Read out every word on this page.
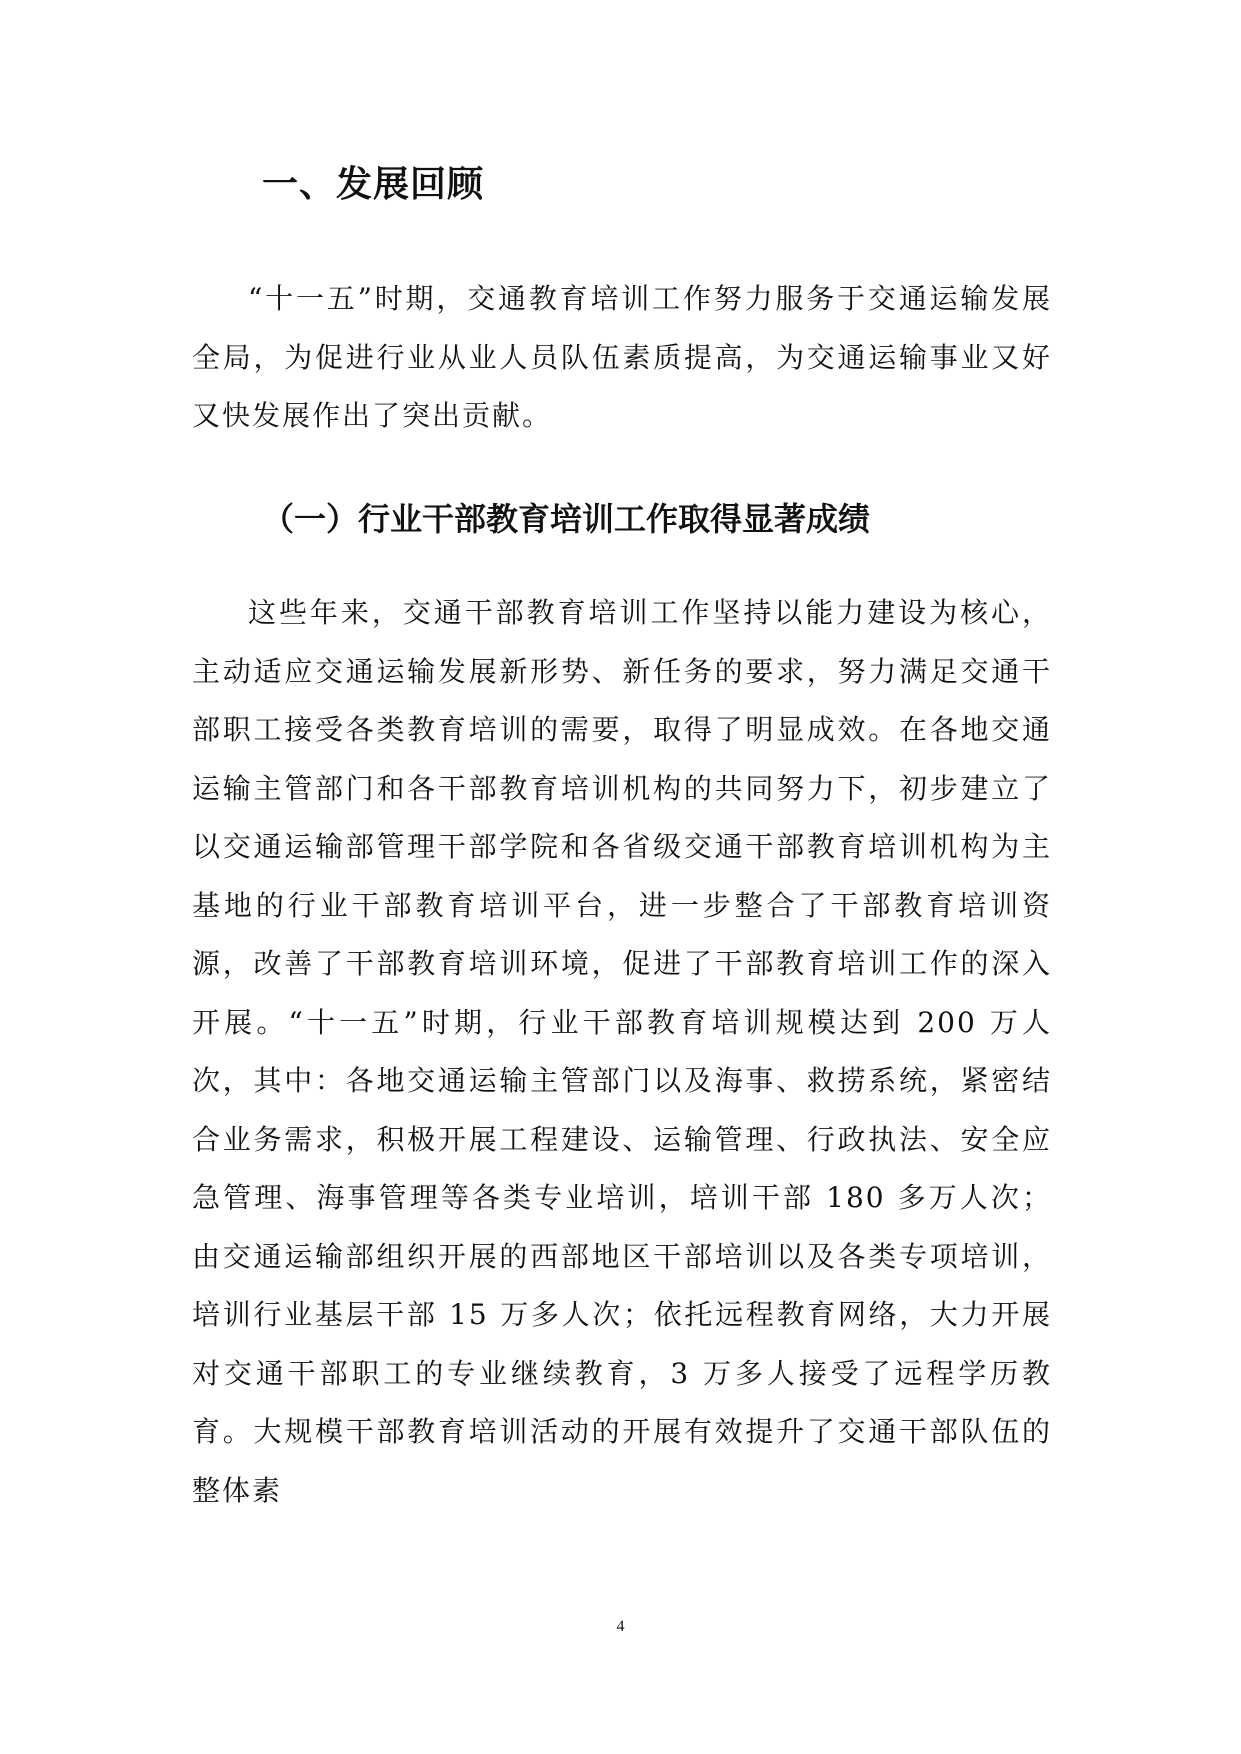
一、发展回顾

“十一五”时期，交通教育培训工作努力服务于交通运输发展全局，为促进行业从业人员队伍素质提高，为交通运输事业又好又快发展作出了突出贡献。

（一）行业干部教育培训工作取得显著成绩

这些年来，交通干部教育培训工作坚持以能力建设为核心，主动适应交通运输发展新形势、新任务的要求，努力满足交通干部职工接受各类教育培训的需要，取得了明显成效。在各地交通运输主管部门和各干部教育培训机构的共同努力下，初步建立了以交通运输部管理干部学院和各省级交通干部教育培训机构为主基地的行业干部教育培训平台，进一步整合了干部教育培训资源，改善了干部教育培训环境，促进了干部教育培训工作的深入开展。“十一五”时期，行业干部教育培训规模达到 200 万人次，其中：各地交通运输主管部门以及海事、救捞系统，紧密结合业务需求，积极开展工程建设、运输管理、行政执法、安全应急管理、海事管理等各类专业培训，培训干部 180 多万人次；由交通运输部组织开展的西部地区干部培训以及各类专项培训，培训行业基层干部 15 万多人次；依托远程教育网络，大力开展对交通干部职工的专业继续教育，3 万多人接受了远程学历教育。大规模干部教育培训活动的开展有效提升了交通干部队伍的整体素

4
